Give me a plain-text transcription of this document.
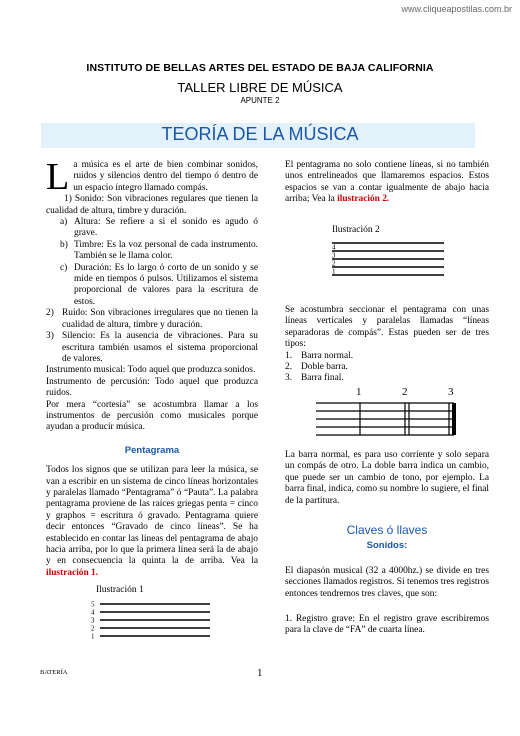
www.cliqueapostilas.com.br
INSTITUTO DE BELLAS ARTES DEL ESTADO DE BAJA CALIFORNIA
TALLER LIBRE DE MÚSICA
APUNTE 2
TEORÍA DE LA MÚSICA

La música es el arte de bien combinar sonidos, ruidos y silencios dentro del tiempo ó dentro de un espacio íntegro llamado compás.

1) Sonido: Son vibraciones regulares que tienen la cualidad de altura, timbre y duración.

a) Altura: Se refiere a si el sonido es agudo ó grave.
b) Timbre: Es la voz personal de cada instrumento. También se le llama color.
c) Duración: Es lo largo ó corto de un sonido y se mide en tiempos ó pulsos. Utilizamos el sistema proporcional de valores para la escritura de estos.
2) Ruido: Son vibraciones irregulares que no tienen la cualidad de altura, timbre y duración.
3) Silencio: Es la ausencia de vibraciones. Para su escritura también usamos el sistema proporcional de valores.

Instrumento musical: Todo aquel que produzca sonidos.

Instrumento de percusión: Todo aquel que produzca ruidos.

Por mera “cortesía” se acostumbra llamar a los instrumentos de percusión como musicales porque ayudan a producir música.

Pentagrama

Todos los signos que se utilizan para leer la música, se van a escribir en un sistema de cinco líneas horizontales y paralelas llamado “Pentagrama” ó “Pauta”. La palabra pentagrama proviene de las raíces griegas penta = cinco y graphos = escritura ó gravado. Pentagrama quiere decir entonces “Gravado de cinco líneas”. Se ha establecido en contar las líneas del pentagrama de abajo hacia arriba, por lo que la primera línea será la de abajo y en consecuencia la quinta la de arriba. Vea la ilustración 1.

Ilustración 1
5
4
3
2
1

El pentagrama no solo contiene líneas, si no también unos entrelineados que llamaremos espacios. Estos espacios se van a contar igualmente de abajo hacia arriba; Vea la ilustración 2.

Ilustración 2
4
3
2
1

Se acostumbra seccionar el pentagrama con unas líneas verticales y paralelas llamadas “líneas separadoras de compás”. Estas pueden ser de tres tipos:

1. Barra normal.
2. Doble barra.
3. Barra final.
1	2	3

La barra normal, es para uso corriente y solo separa un compás de otro. La doble barra indica un cambio, que puede ser un cambio de tono, por ejemplo. La barra final, indica, como su nombre lo sugiere, el final de la partitura.

Claves ó llaves

Sonidos:

El diapasón musical (32 a 4000hz.) se divide en tres secciones llamados registros. Si tenemos tres registros entonces tendremos tres claves, que son:

1. Registro grave: En el registro grave escribiremos para la clave de “FA” de cuarta línea.

BATERÍA	1
